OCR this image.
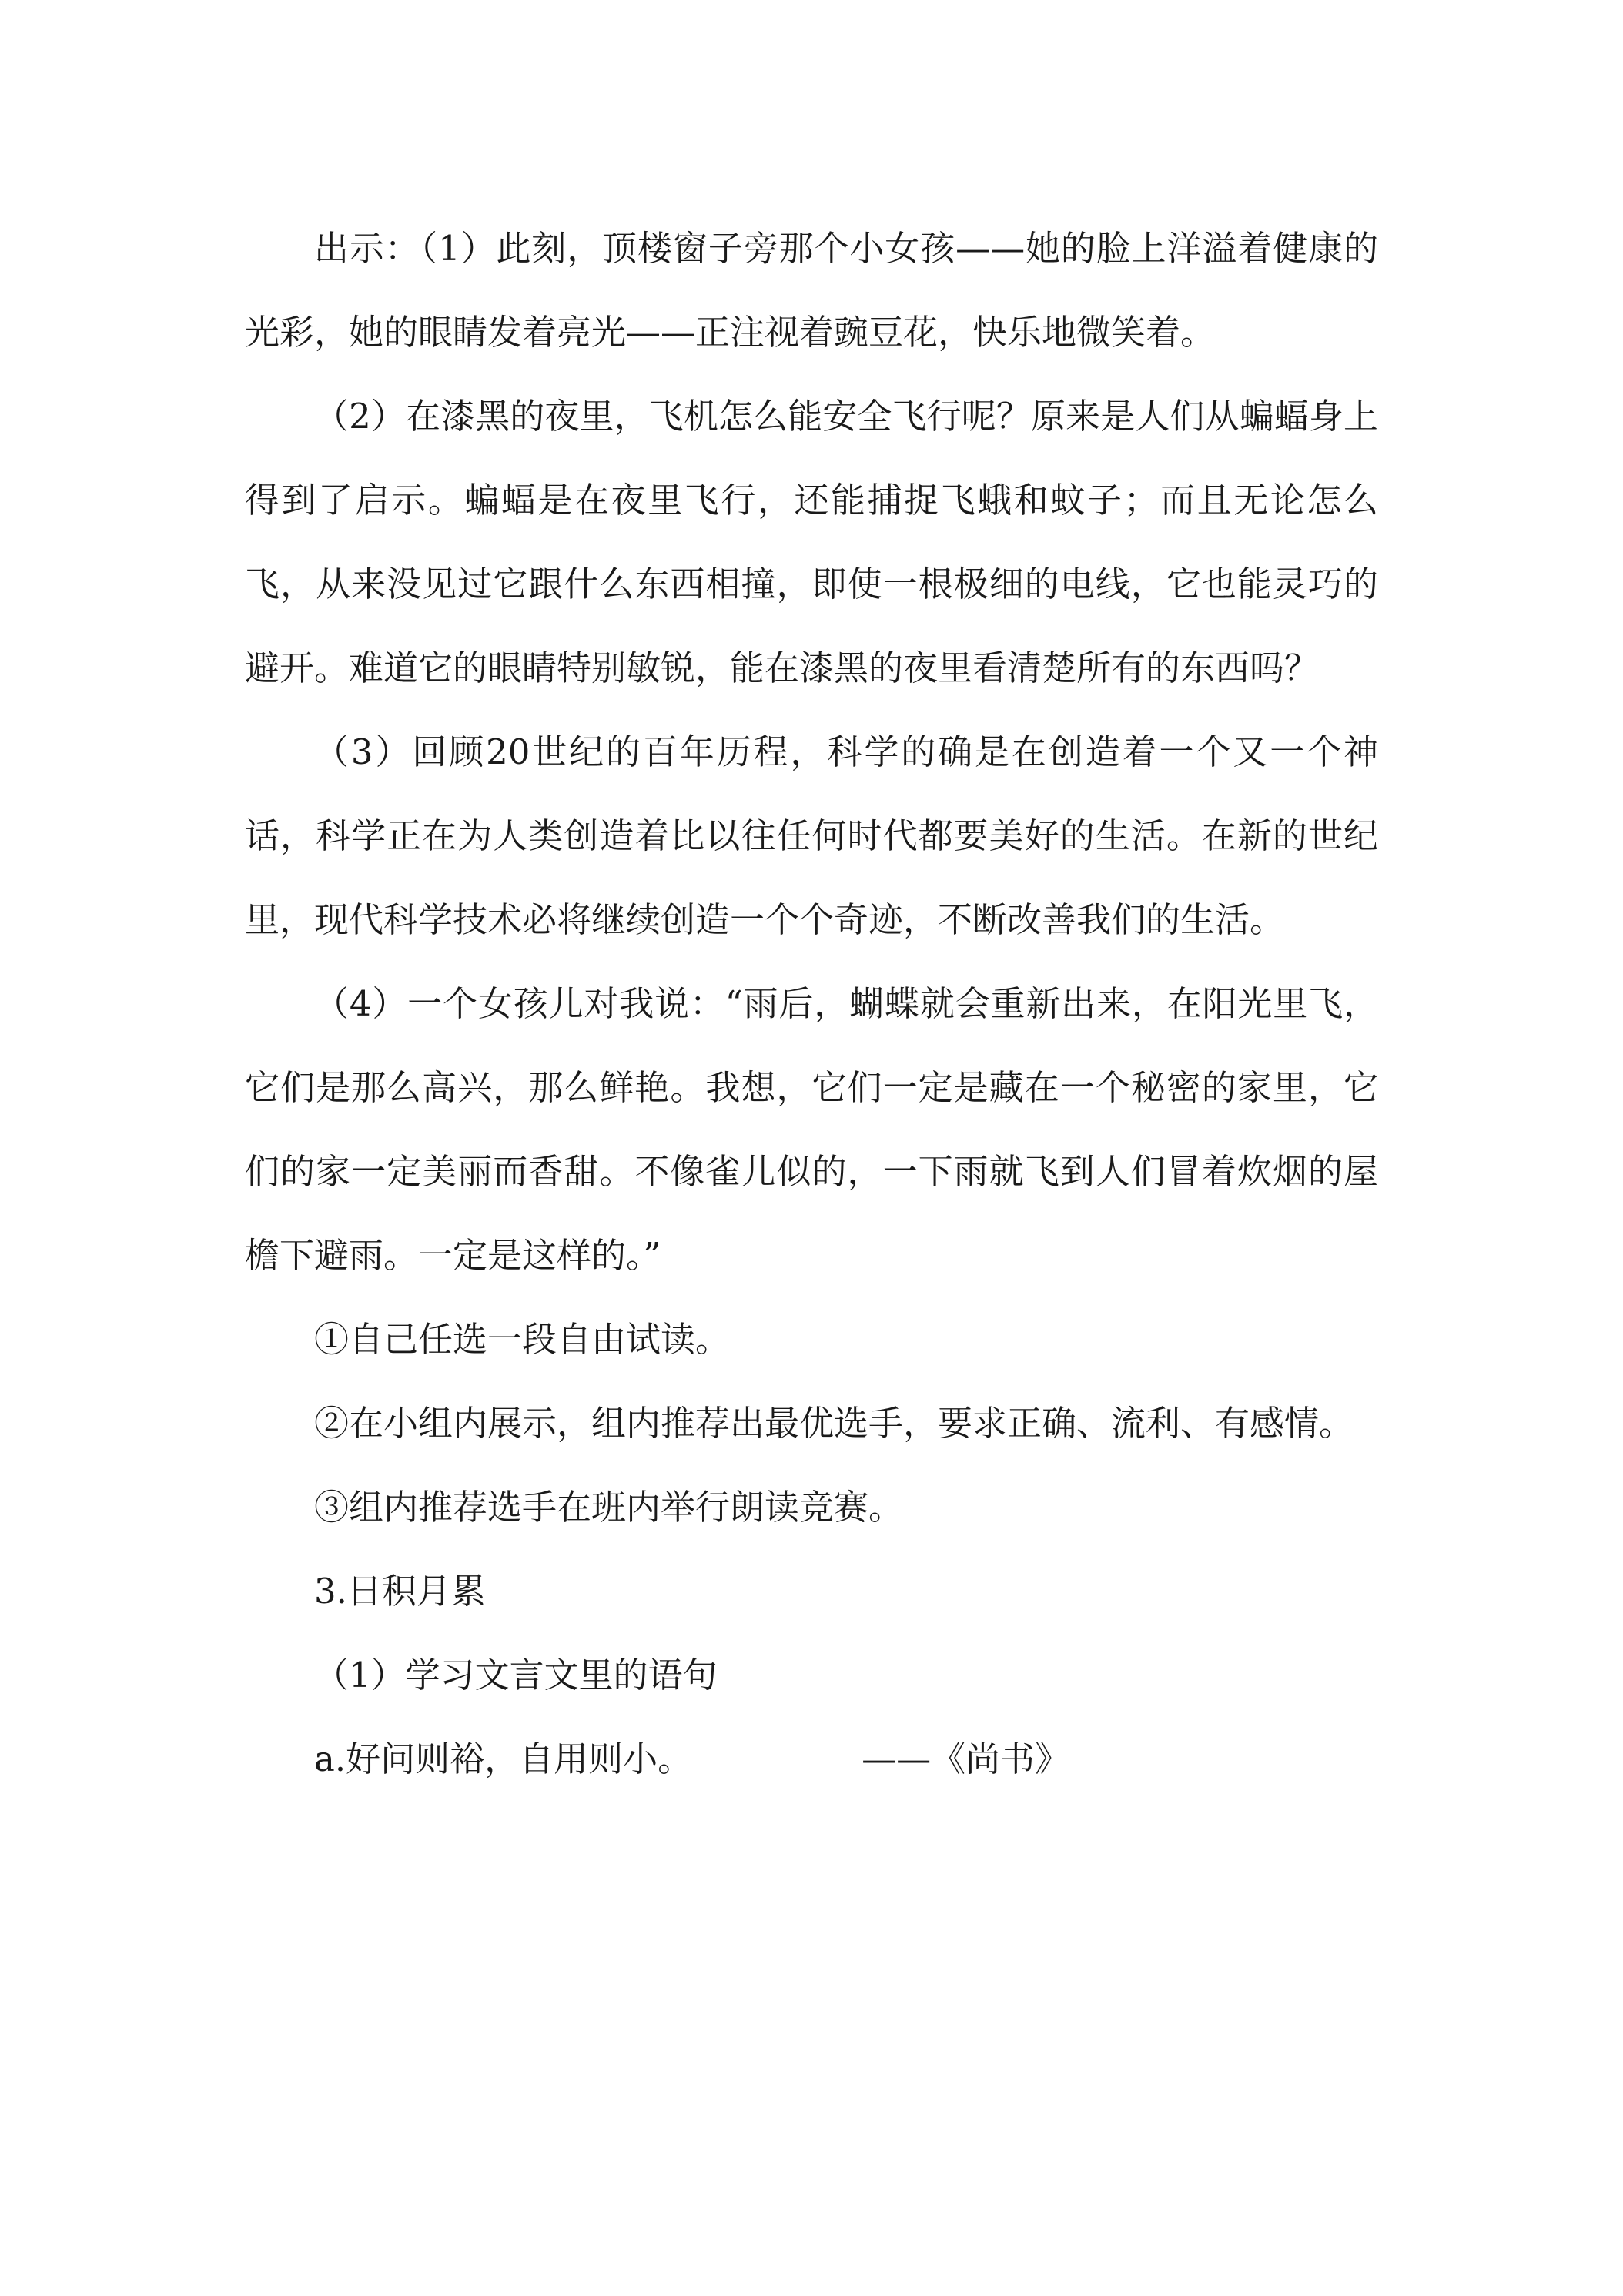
出示：（1）此刻，顶楼窗子旁那个小女孩——她的脸上洋溢着健康的光彩，她的眼睛发着亮光——正注视着豌豆花，快乐地微笑着。

（2）在漆黑的夜里，飞机怎么能安全飞行呢？原来是人们从蝙蝠身上得到了启示。蝙蝠是在夜里飞行，还能捕捉飞蛾和蚊子；而且无论怎么飞，从来没见过它跟什么东西相撞，即使一根极细的电线，它也能灵巧的避开。难道它的眼睛特别敏锐，能在漆黑的夜里看清楚所有的东西吗？

（3）回顾20世纪的百年历程，科学的确是在创造着一个又一个神话，科学正在为人类创造着比以往任何时代都要美好的生活。在新的世纪里，现代科学技术必将继续创造一个个奇迹，不断改善我们的生活。

（4）一个女孩儿对我说：“雨后，蝴蝶就会重新出来，在阳光里飞，它们是那么高兴，那么鲜艳。我想，它们一定是藏在一个秘密的家里，它们的家一定美丽而香甜。不像雀儿似的，一下雨就飞到人们冒着炊烟的屋檐下避雨。一定是这样的。”

①自己任选一段自由试读。

②在小组内展示，组内推荐出最优选手，要求正确、流利、有感情。

③组内推荐选手在班内举行朗读竞赛。

3.日积月累

（1）学习文言文里的语句

a.好问则裕，自用则小。	——《尚书》
